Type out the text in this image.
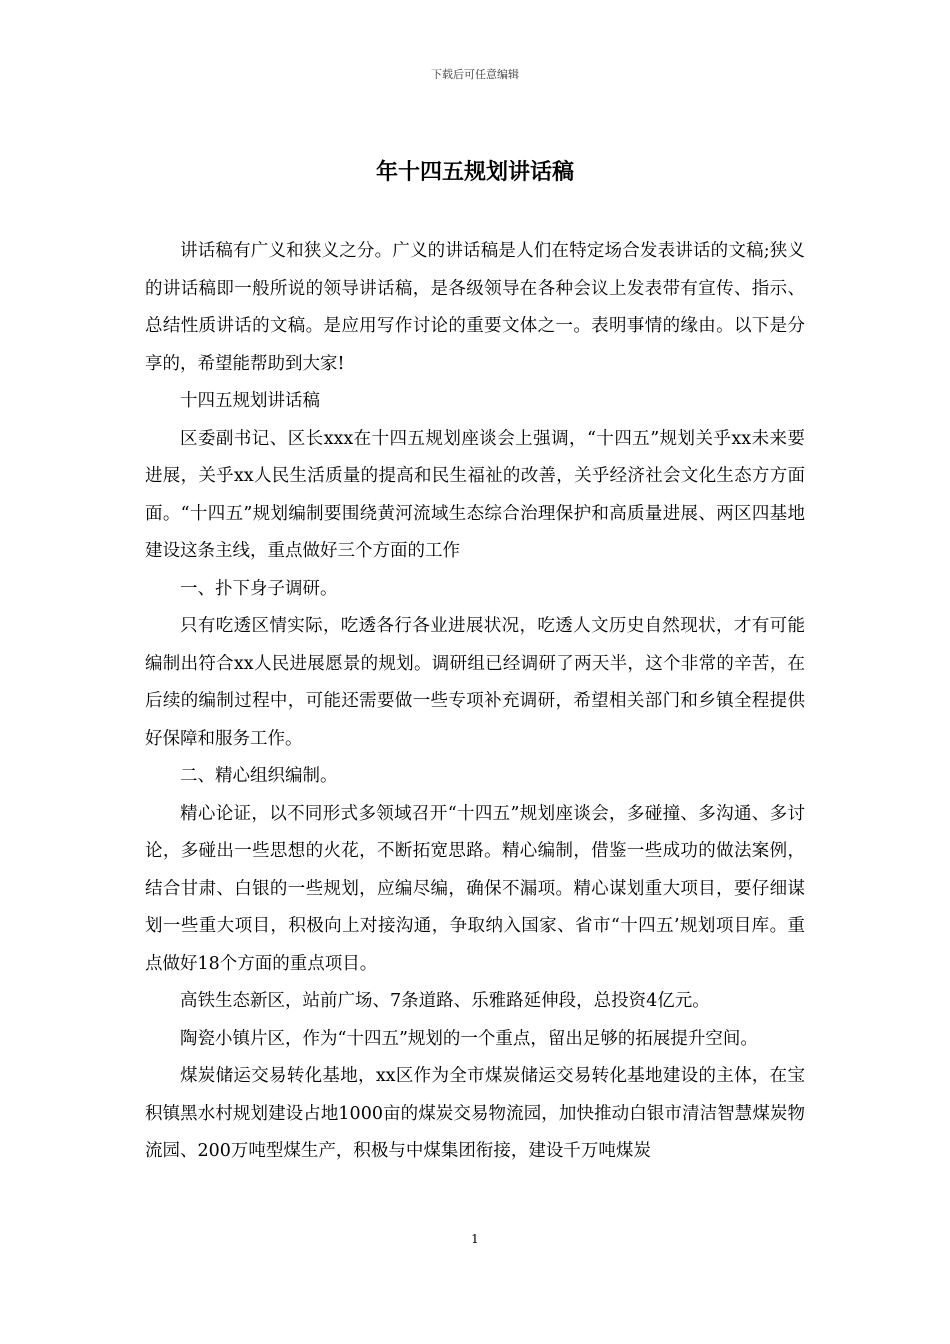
下载后可任意编辑
年十四五规划讲话稿

讲话稿有广义和狭义之分。广义的讲话稿是人们在特定场合发表讲话的文稿;狭义的讲话稿即一般所说的领导讲话稿，是各级领导在各种会议上发表带有宣传、指示、总结性质讲话的文稿。是应用写作讨论的重要文体之一。表明事情的缘由。以下是分享的，希望能帮助到大家!

十四五规划讲话稿

区委副书记、区长xxx在十四五规划座谈会上强调，“十四五”规划关乎xx未来要进展，关乎xx人民生活质量的提高和民生福祉的改善，关乎经济社会文化生态方方面面。“十四五”规划编制要围绕黄河流域生态综合治理保护和高质量进展、两区四基地建设这条主线，重点做好三个方面的工作

一、扑下身子调研。

只有吃透区情实际，吃透各行各业进展状况，吃透人文历史自然现状，才有可能编制出符合xx人民进展愿景的规划。调研组已经调研了两天半，这个非常的辛苦，在后续的编制过程中，可能还需要做一些专项补充调研，希望相关部门和乡镇全程提供好保障和服务工作。

二、精心组织编制。

精心论证，以不同形式多领域召开“十四五”规划座谈会，多碰撞、多沟通、多讨论，多碰出一些思想的火花，不断拓宽思路。精心编制，借鉴一些成功的做法案例，结合甘肃、白银的一些规划，应编尽编，确保不漏项。精心谋划重大项目，要仔细谋划一些重大项目，积极向上对接沟通，争取纳入国家、省市“十四五’规划项目库。重点做好18个方面的重点项目。

高铁生态新区，站前广场、7条道路、乐雅路延伸段，总投资4亿元。

陶瓷小镇片区，作为“十四五”规划的一个重点，留出足够的拓展提升空间。

煤炭储运交易转化基地，xx区作为全市煤炭储运交易转化基地建设的主体，在宝积镇黑水村规划建设占地1000亩的煤炭交易物流园，加快推动白银市清洁智慧煤炭物流园、200万吨型煤生产，积极与中煤集团衔接，建设千万吨煤炭

1
